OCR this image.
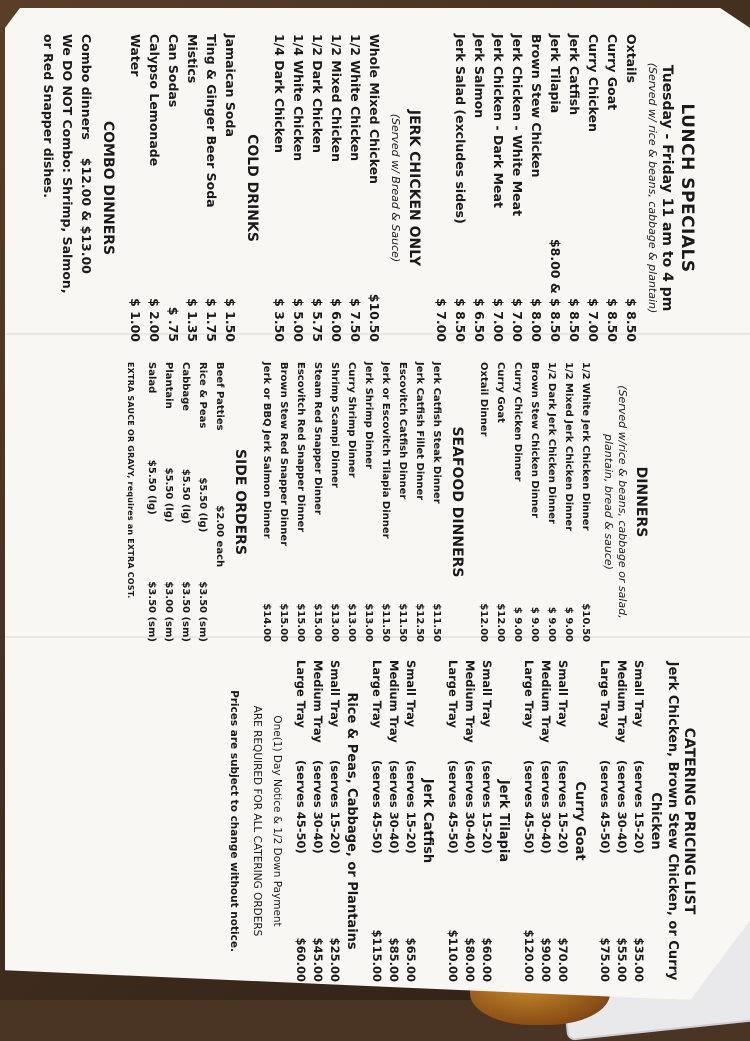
LUNCH SPECIALS
Tuesday - Friday 11 am to 4 pm
(Served w/ rice & beans, cabbage & plantain)
Oxtails
$ 8.50
Curry Goat
$ 8.50
Curry Chicken
$ 7.00
Jerk Catfish
$ 8.50
Jerk Tilapia
$8.00 & $ 8.50
Brown Stew Chicken
$ 8.00
Jerk Chicken - White Meat
$ 7.00
Jerk Chicken - Dark Meat
$ 7.00
Jerk Salmon
$ 6.50
Jerk Salad (excludes sides)
$ 8.50
$ 7.00
JERK CHICKEN ONLY
(Served w/ Bread & Sauce)
Whole Mixed Chicken
$10.50
1/2 White Chicken
$ 7.50
1/2 Mixed Chicken
$ 6.00
1/2 Dark Chicken
$ 5.75
1/4 White Chicken
$ 5.00
1/4 Dark Chicken
$ 3.50
COLD DRINKS
Jamaican Soda
$ 1.50
Ting & Ginger Beer Soda
$ 1.75
Mistics
$ 1.35
Can Sodas
$ .75
Calypso Lemonade
$ 2.00
Water
$ 1.00
COMBO DINNERS
Combo dinners
$12.00 & $13.00
We DO NOT Combo: Shrimp, Salmon,
or Red Snapper dishes.
DINNERS
(Served w/rice & beans, cabbage or salad, plantain, bread & sauce)
1/2 White Jerk Chicken Dinner
$10.50
1/2 Mixed Jerk Chicken Dinner
$ 9.00
1/2 Dark Jerk Chicken Dinner
$ 9.00
Brown Stew Chicken Dinner
$ 9.00
Curry Chicken Dinner
$ 9.00
Curry Goat
$12.00
Oxtail Dinner
$12.00
SEAFOOD DINNERS
Jerk Catfish Steak Dinner
$11.50
Jerk Catfish Fillet Dinner
$12.50
Escovitch Catfish Dinner
$11.50
Jerk or Escovitch Tilapia Dinner
$11.50
Jerk Shrimp Dinner
$13.00
Curry Shrimp Dinner
$13.00
Shrimp Scampi Dinner
$13.00
Steam Red Snapper Dinner
$15.00
Escovitch Red Snapper Dinner
$15.00
Brown Stew Red Snapper Dinner
$15.00
Jerk or BBQ Jerk Salmon Dinner
$14.00
SIDE ORDERS
Beef Patties
$2.00 each
Rice & Peas
$5.50 (lg)
$3.50 (sm)
Cabbage
$5.50 (lg)
$3.50 (sm)
Plantain
$5.50 (lg)
$3.00 (sm)
Salad
$5.50 (lg)
$3.50 (sm)
EXTRA SAUCE OR GRAVY, requires an EXTRA COST.
CATERING PRICING LIST
Jerk Chicken, Brown Stew Chicken, or Curry Chicken
Small Tray
(serves 15-20)
$35.00
Medium Tray
(serves 30-40)
$55.00
Large Tray
(serves 45-50)
$75.00
Curry Goat
Small Tray
(serves 15-20)
$70.00
Medium Tray
(serves 30-40)
$90.00
Large Tray
(serves 45-50)
$120.00
Jerk Tilapia
Small Tray
(serves 15-20)
$60.00
Medium Tray
(serves 30-40)
$80.00
Large Tray
(serves 45-50)
$110.00
Jerk Catfish
Small Tray
(serves 15-20)
$65.00
Medium Tray
(serves 30-40)
$85.00
Large Tray
(serves 45-50)
$115.00
Rice & Peas, Cabbage, or Plantains
Small Tray
(serves 15-20)
$25.00
Medium Tray
(serves 30-40)
$45.00
Large Tray
(serves 45-50)
$60.00
One(1) Day Notice & 1/2 Down Payment
ARE REQUIRED FOR ALL CATERING ORDERS
Prices are subject to change without notice.
